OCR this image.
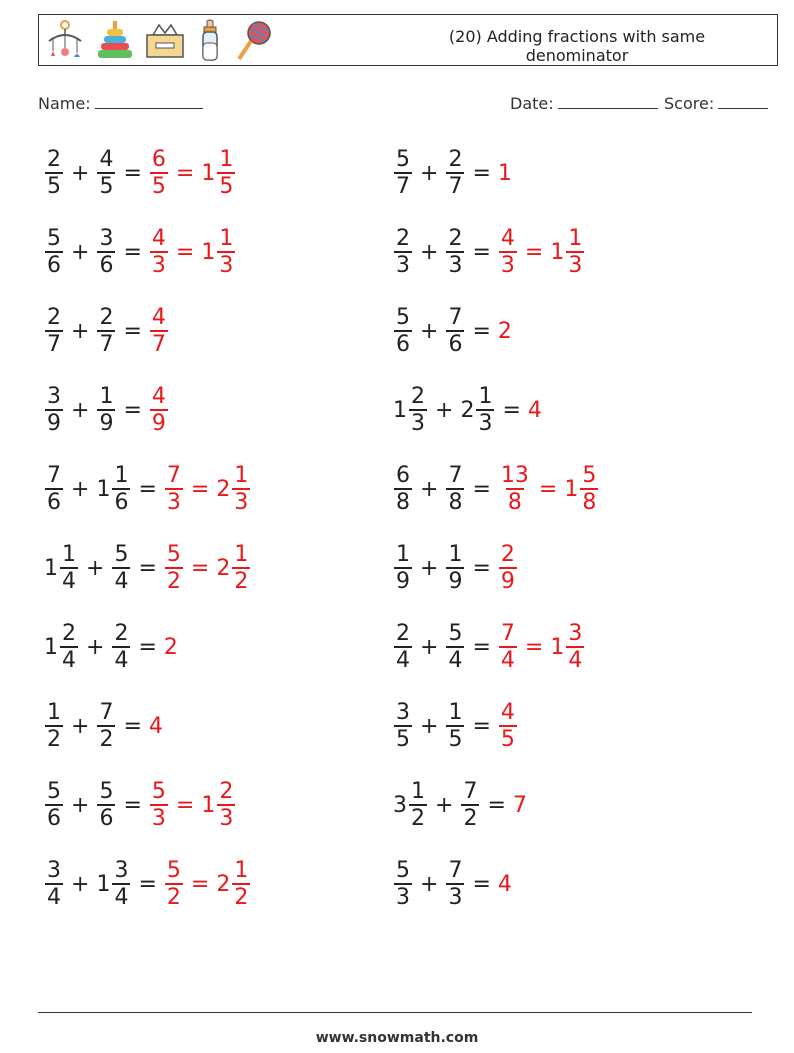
(20) Adding fractions with same denominator
Name:	Date:	Score:
$\frac{2}{5} + \frac{4}{5} = \frac{6}{5} = 1 \frac{1}{5}$
$\frac{5}{6} + \frac{3}{6} = \frac{4}{3} = 1 \frac{1}{3}$
$\frac{2}{7} + \frac{2}{7} = \frac{4}{7}$
$\frac{3}{9} + \frac{1}{9} = \frac{4}{9}$
$\frac{7}{6} + 1 \frac{1}{6} = \frac{7}{3} = 2 \frac{1}{3}$
$1 \frac{1}{4} + \frac{5}{4} = \frac{5}{2} = 2 \frac{1}{2}$
$1 \frac{2}{4} + \frac{2}{4} = 2$
$\frac{1}{2} + \frac{7}{2} = 4$
$\frac{5}{6} + \frac{5}{6} = \frac{5}{3} = 1 \frac{2}{3}$
$\frac{3}{4} + 1 \frac{3}{4} = \frac{5}{2} = 2 \frac{1}{2}$
$\frac{5}{7} + \frac{2}{7} = 1$
$\frac{2}{3} + \frac{2}{3} = \frac{4}{3} = 1 \frac{1}{3}$
$\frac{5}{6} + \frac{7}{6} = 2$
$1 \frac{2}{3} + 2 \frac{1}{3} = 4$
$\frac{6}{8} + \frac{7}{8} = \frac{13}{8} = 1 \frac{5}{8}$
$\frac{1}{9} + \frac{1}{9} = \frac{2}{9}$
$\frac{2}{4} + \frac{5}{4} = \frac{7}{4} = 1 \frac{3}{4}$
$\frac{3}{5} + \frac{1}{5} = \frac{4}{5}$
$3 \frac{1}{2} + \frac{7}{2} = 7$
$\frac{5}{3} + \frac{7}{3} = 4$
www.snowmath.com
